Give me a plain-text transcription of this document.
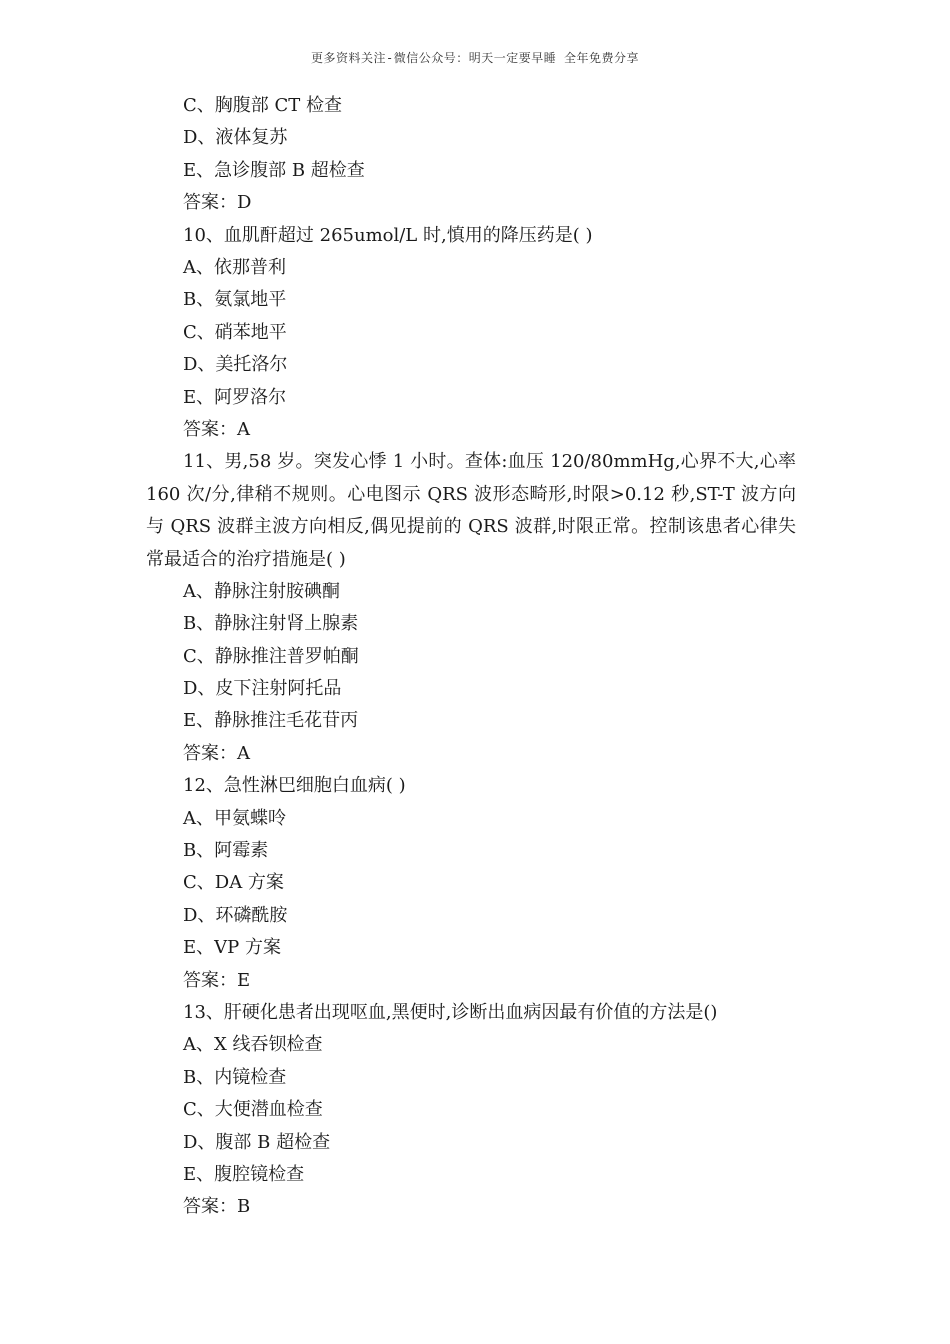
更多资料关注-微信公众号：明天一定要早睡 全年免费分享
C、胸腹部 CT 检查
D、液体复苏
E、急诊腹部 B 超检查
答案：D
10、血肌酐超过 265umol/L 时,慎用的降压药是( )
A、依那普利
B、氨氯地平
C、硝苯地平
D、美托洛尔
E、阿罗洛尔
答案：A
11、男,58 岁。突发心悸 1 小时。查体:血压 120/80mmHg,心界不大,心率 160 次/分,律稍不规则。心电图示 QRS 波形态畸形,时限>0.12 秒,ST-T 波方向与 QRS 波群主波方向相反,偶见提前的 QRS 波群,时限正常。控制该患者心律失常最适合的治疗措施是( )
A、静脉注射胺碘酮
B、静脉注射肾上腺素
C、静脉推注普罗帕酮
D、皮下注射阿托品
E、静脉推注毛花苷丙
答案：A
12、急性淋巴细胞白血病( )
A、甲氨蝶呤
B、阿霉素
C、DA 方案
D、环磷酰胺
E、VP 方案
答案：E
13、肝硬化患者出现呕血,黑便时,诊断出血病因最有价值的方法是()
A、X 线吞钡检查
B、内镜检查
C、大便潜血检查
D、腹部 B 超检查
E、腹腔镜检查
答案：B
